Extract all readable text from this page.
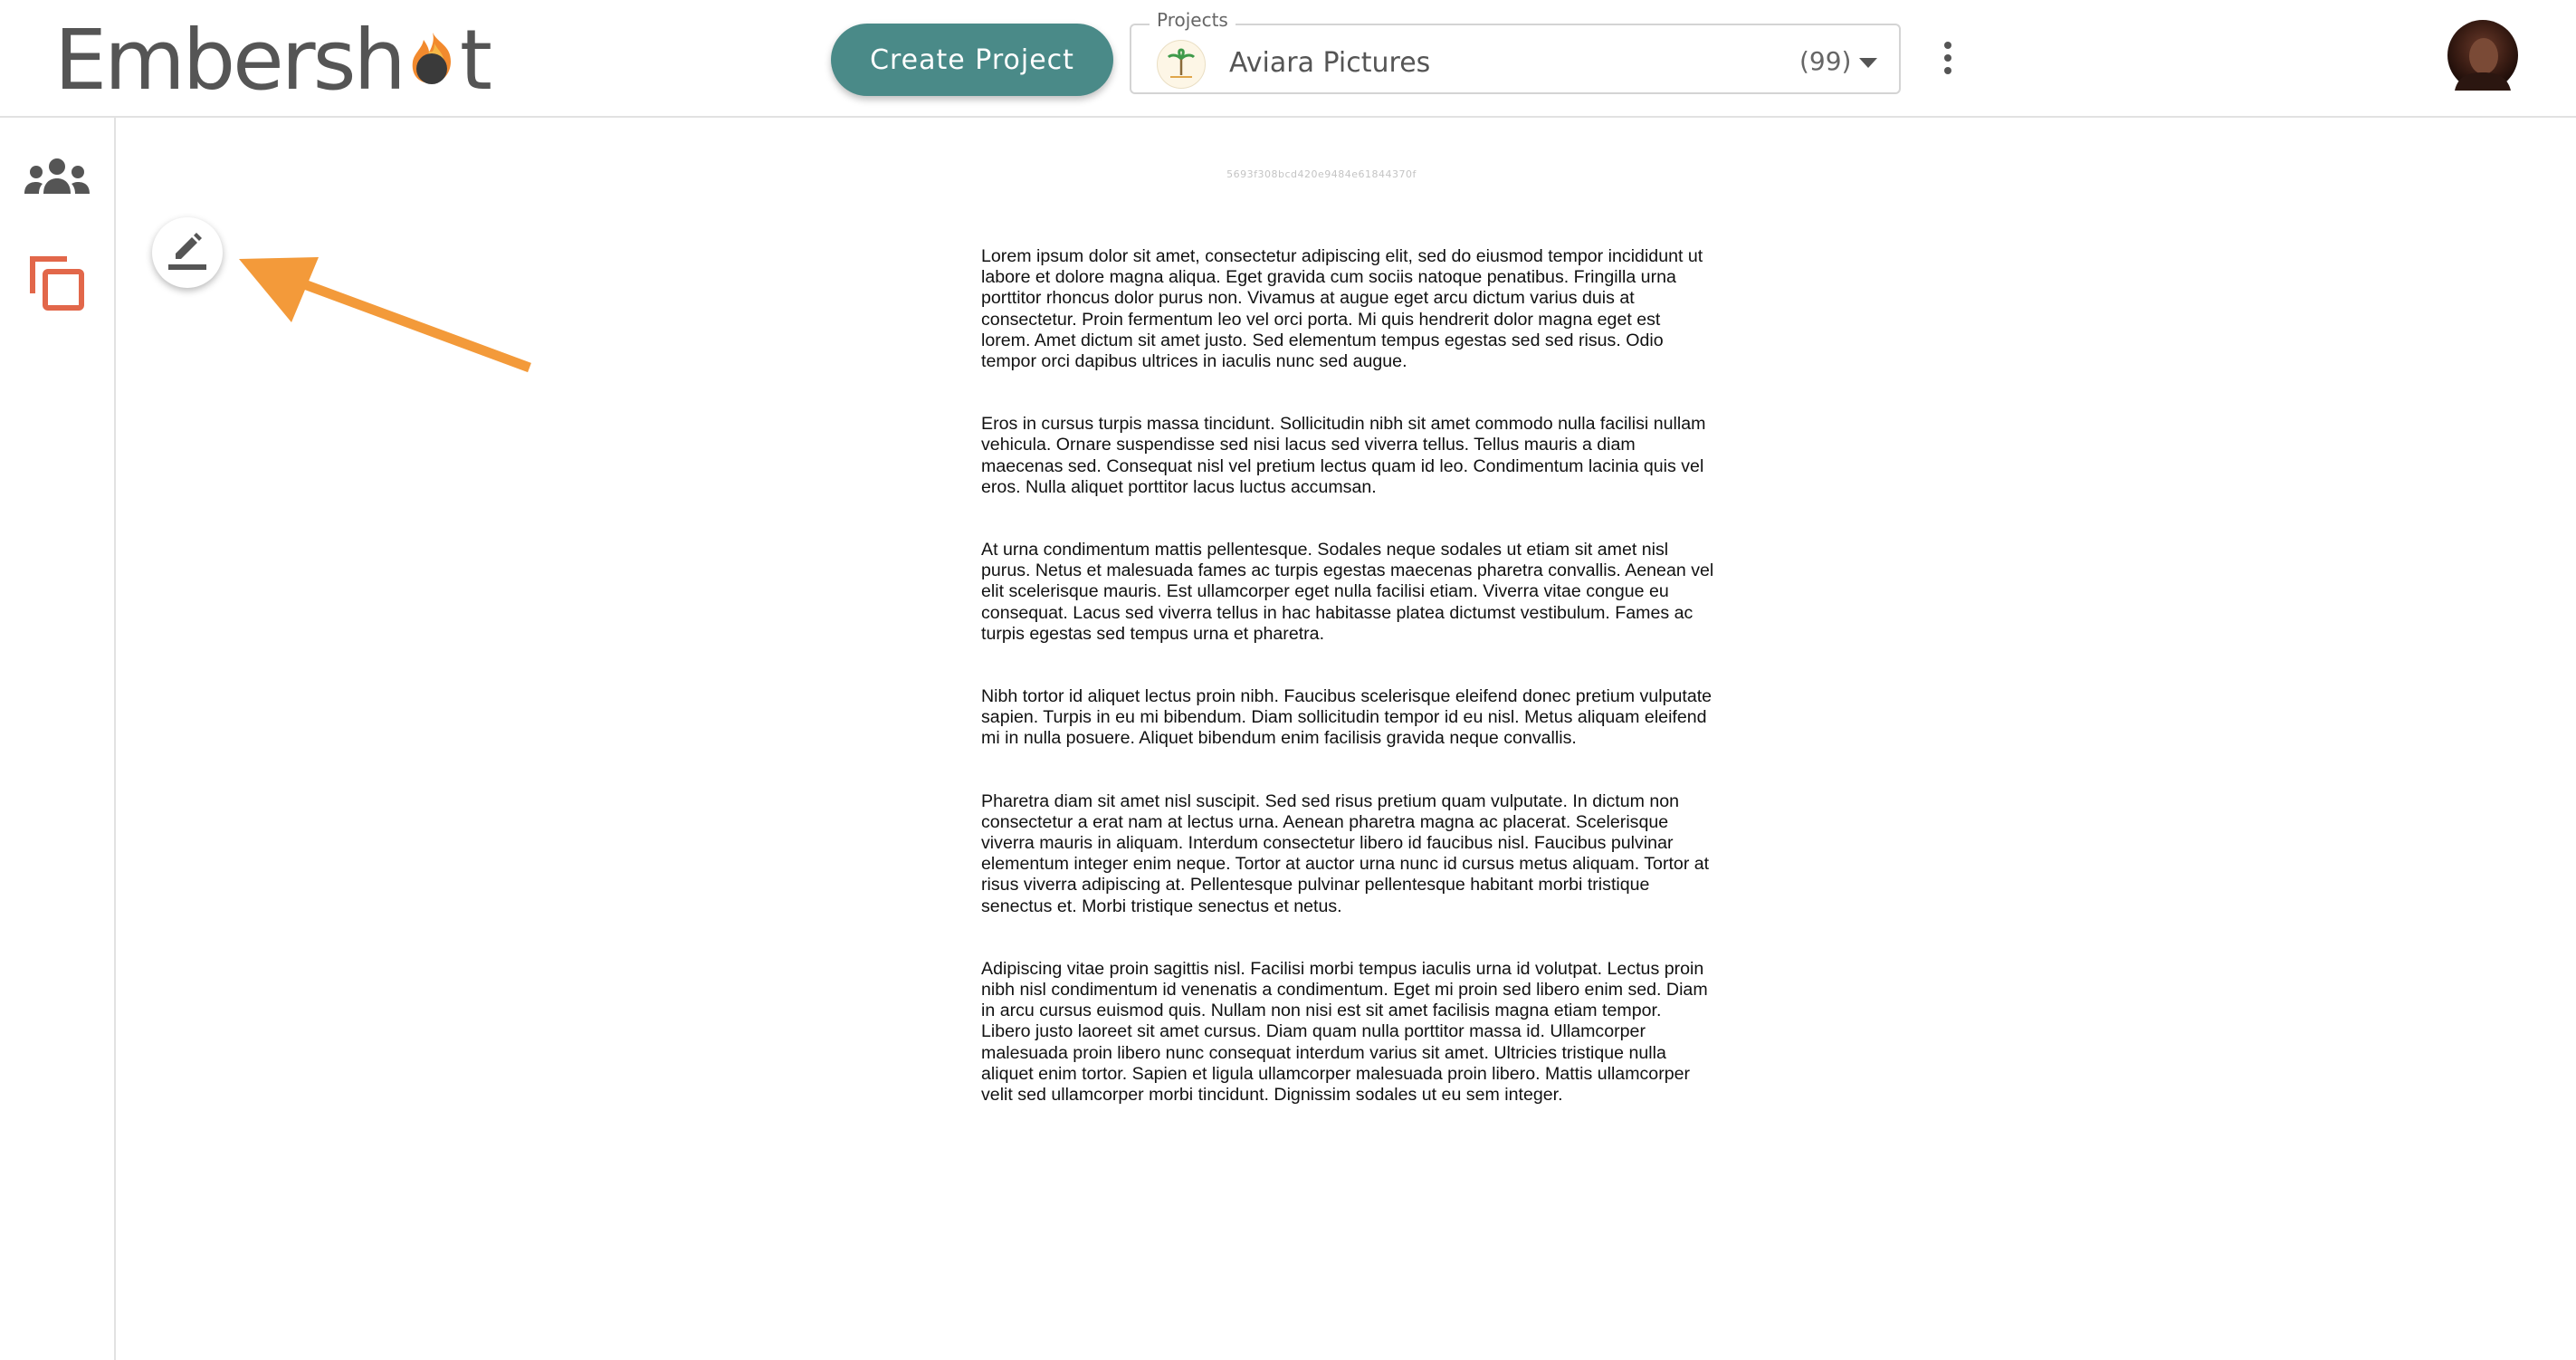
Embersh t	Create Project
Projects
Aviara Pictures	(99)
5693f308bcd420e9484e61844370f

Lorem ipsum dolor sit amet, consectetur adipiscing elit, sed do eiusmod tempor incididunt ut labore et dolore magna aliqua. Eget gravida cum sociis natoque penatibus. Fringilla urna porttitor rhoncus dolor purus non. Vivamus at augue eget arcu dictum varius duis at consectetur. Proin fermentum leo vel orci porta. Mi quis hendrerit dolor magna eget est lorem. Amet dictum sit amet justo. Sed elementum tempus egestas sed sed risus. Odio tempor orci dapibus ultrices in iaculis nunc sed augue.

Eros in cursus turpis massa tincidunt. Sollicitudin nibh sit amet commodo nulla facilisi nullam vehicula. Ornare suspendisse sed nisi lacus sed viverra tellus. Tellus mauris a diam maecenas sed. Consequat nisl vel pretium lectus quam id leo. Condimentum lacinia quis vel eros. Nulla aliquet porttitor lacus luctus accumsan.

At urna condimentum mattis pellentesque. Sodales neque sodales ut etiam sit amet nisl purus. Netus et malesuada fames ac turpis egestas maecenas pharetra convallis. Aenean vel elit scelerisque mauris. Est ullamcorper eget nulla facilisi etiam. Viverra vitae congue eu consequat. Lacus sed viverra tellus in hac habitasse platea dictumst vestibulum. Fames ac turpis egestas sed tempus urna et pharetra.

Nibh tortor id aliquet lectus proin nibh. Faucibus scelerisque eleifend donec pretium vulputate sapien. Turpis in eu mi bibendum. Diam sollicitudin tempor id eu nisl. Metus aliquam eleifend mi in nulla posuere. Aliquet bibendum enim facilisis gravida neque convallis.

Pharetra diam sit amet nisl suscipit. Sed sed risus pretium quam vulputate. In dictum non consectetur a erat nam at lectus urna. Aenean pharetra magna ac placerat. Scelerisque viverra mauris in aliquam. Interdum consectetur libero id faucibus nisl. Faucibus pulvinar elementum integer enim neque. Tortor at auctor urna nunc id cursus metus aliquam. Tortor at risus viverra adipiscing at. Pellentesque pulvinar pellentesque habitant morbi tristique senectus et. Morbi tristique senectus et netus.

Adipiscing vitae proin sagittis nisl. Facilisi morbi tempus iaculis urna id volutpat. Lectus proin nibh nisl condimentum id venenatis a condimentum. Eget mi proin sed libero enim sed. Diam in arcu cursus euismod quis. Nullam non nisi est sit amet facilisis magna etiam tempor. Libero justo laoreet sit amet cursus. Diam quam nulla porttitor massa id. Ullamcorper malesuada proin libero nunc consequat interdum varius sit amet. Ultricies tristique nulla aliquet enim tortor. Sapien et ligula ullamcorper malesuada proin libero. Mattis ullamcorper velit sed ullamcorper morbi tincidunt. Dignissim sodales ut eu sem integer.
